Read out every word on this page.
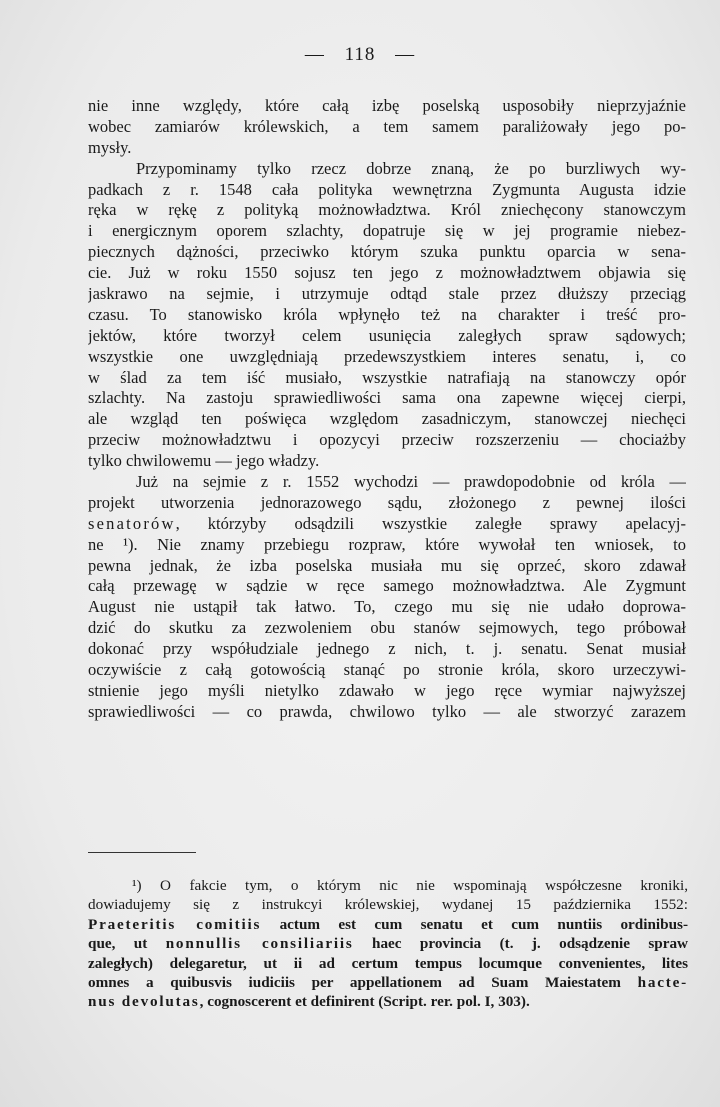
— 118 —
nie inne względy, które całą izbę poselską usposobiły nieprzyjaźnie
wobec zamiarów królewskich, a tem samem paraliżowały jego po-
mysły.
Przypominamy tylko rzecz dobrze znaną, że po burzliwych wy-
padkach z r. 1548 cała polityka wewnętrzna Zygmunta Augusta idzie
ręka w rękę z polityką możnowładztwa. Król zniechęcony stanowczym
i energicznym oporem szlachty, dopatruje się w jej programie niebez-
piecznych dążności, przeciwko którym szuka punktu oparcia w sena-
cie. Już w roku 1550 sojusz ten jego z możnowładztwem objawia się
jaskrawo na sejmie, i utrzymuje odtąd stale przez dłuższy przeciąg
czasu. To stanowisko króla wpłynęło też na charakter i treść pro-
jektów, które tworzył celem usunięcia zaległych spraw sądowych;
wszystkie one uwzględniają przedewszystkiem interes senatu, i, co
w ślad za tem iść musiało, wszystkie natrafiają na stanowczy opór
szlachty. Na zastoju sprawiedliwości sama ona zapewne więcej cierpi,
ale wzgląd ten poświęca względom zasadniczym, stanowczej niechęci
przeciw możnowładztwu i opozycyi przeciw rozszerzeniu — chociażby
tylko chwilowemu — jego władzy.
Już na sejmie z r. 1552 wychodzi — prawdopodobnie od króla —
projekt utworzenia jednorazowego sądu, złożonego z pewnej ilości
senatorów, którzyby odsądzili wszystkie zaległe sprawy apelacyj-
ne ¹). Nie znamy przebiegu rozpraw, które wywołał ten wniosek, to
pewna jednak, że izba poselska musiała mu się oprzeć, skoro zdawał
całą przewagę w sądzie w ręce samego możnowładztwa. Ale Zygmunt
August nie ustąpił tak łatwo. To, czego mu się nie udało doprowa-
dzić do skutku za zezwoleniem obu stanów sejmowych, tego próbował
dokonać przy współudziale jednego z nich, t. j. senatu. Senat musiał
oczywiście z całą gotowością stanąć po stronie króla, skoro urzeczywi-
stnienie jego myśli nietylko zdawało w jego ręce wymiar najwyższej
sprawiedliwości — co prawda, chwilowo tylko — ale stworzyć zarazem
¹) O fakcie tym, o którym nic nie wspominają współczesne kroniki,
dowiadujemy się z instrukcyi królewskiej, wydanej 15 października 1552:
Praeteritis comitiis actum est cum senatu et cum nuntiis ordinibus-
que, ut nonnullis consiliariis haec provincia (t. j. odsądzenie spraw
zaległych) delegaretur, ut ii ad certum tempus locumque convenientes, lites
omnes a quibusvis iudiciis per appellationem ad Suam Maiestatem hacte-
nus devolutas, cognoscerent et definirent (Script. rer. pol. I, 303).
